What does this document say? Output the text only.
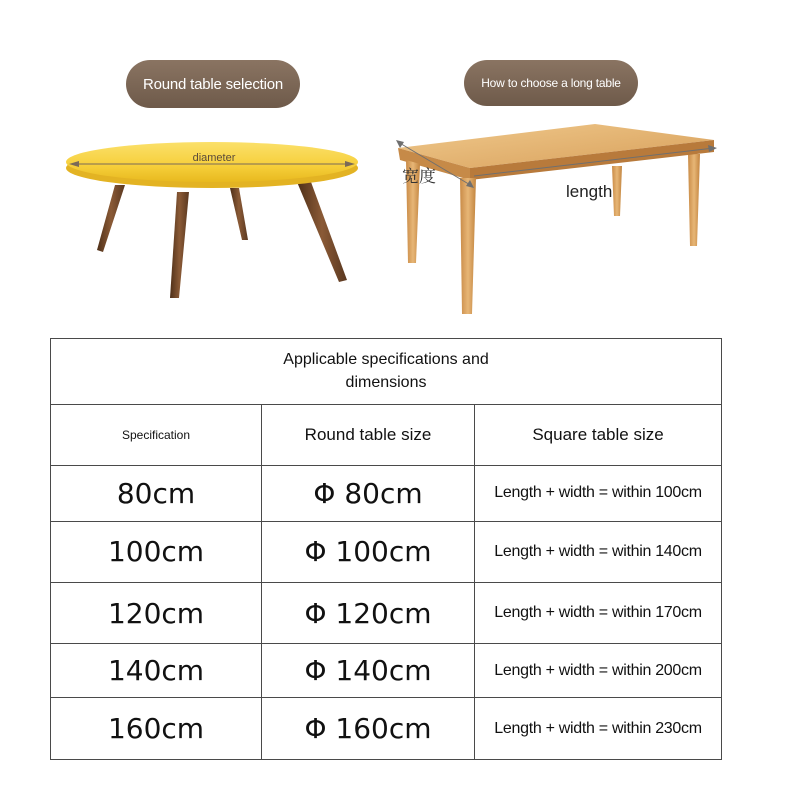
Round table selection	How to choose a long table
diameter
宽度
length
Applicable specifications and
dimensions		
Specification	Round table size	Square table size
80cm	Φ 80cm	Length + width = within 100cm
100cm	Φ 100cm	Length + width = within 140cm
120cm	Φ 120cm	Length + width = within 170cm
140cm	Φ 140cm	Length + width = within 200cm
160cm	Φ 160cm	Length + width = within 230cm
